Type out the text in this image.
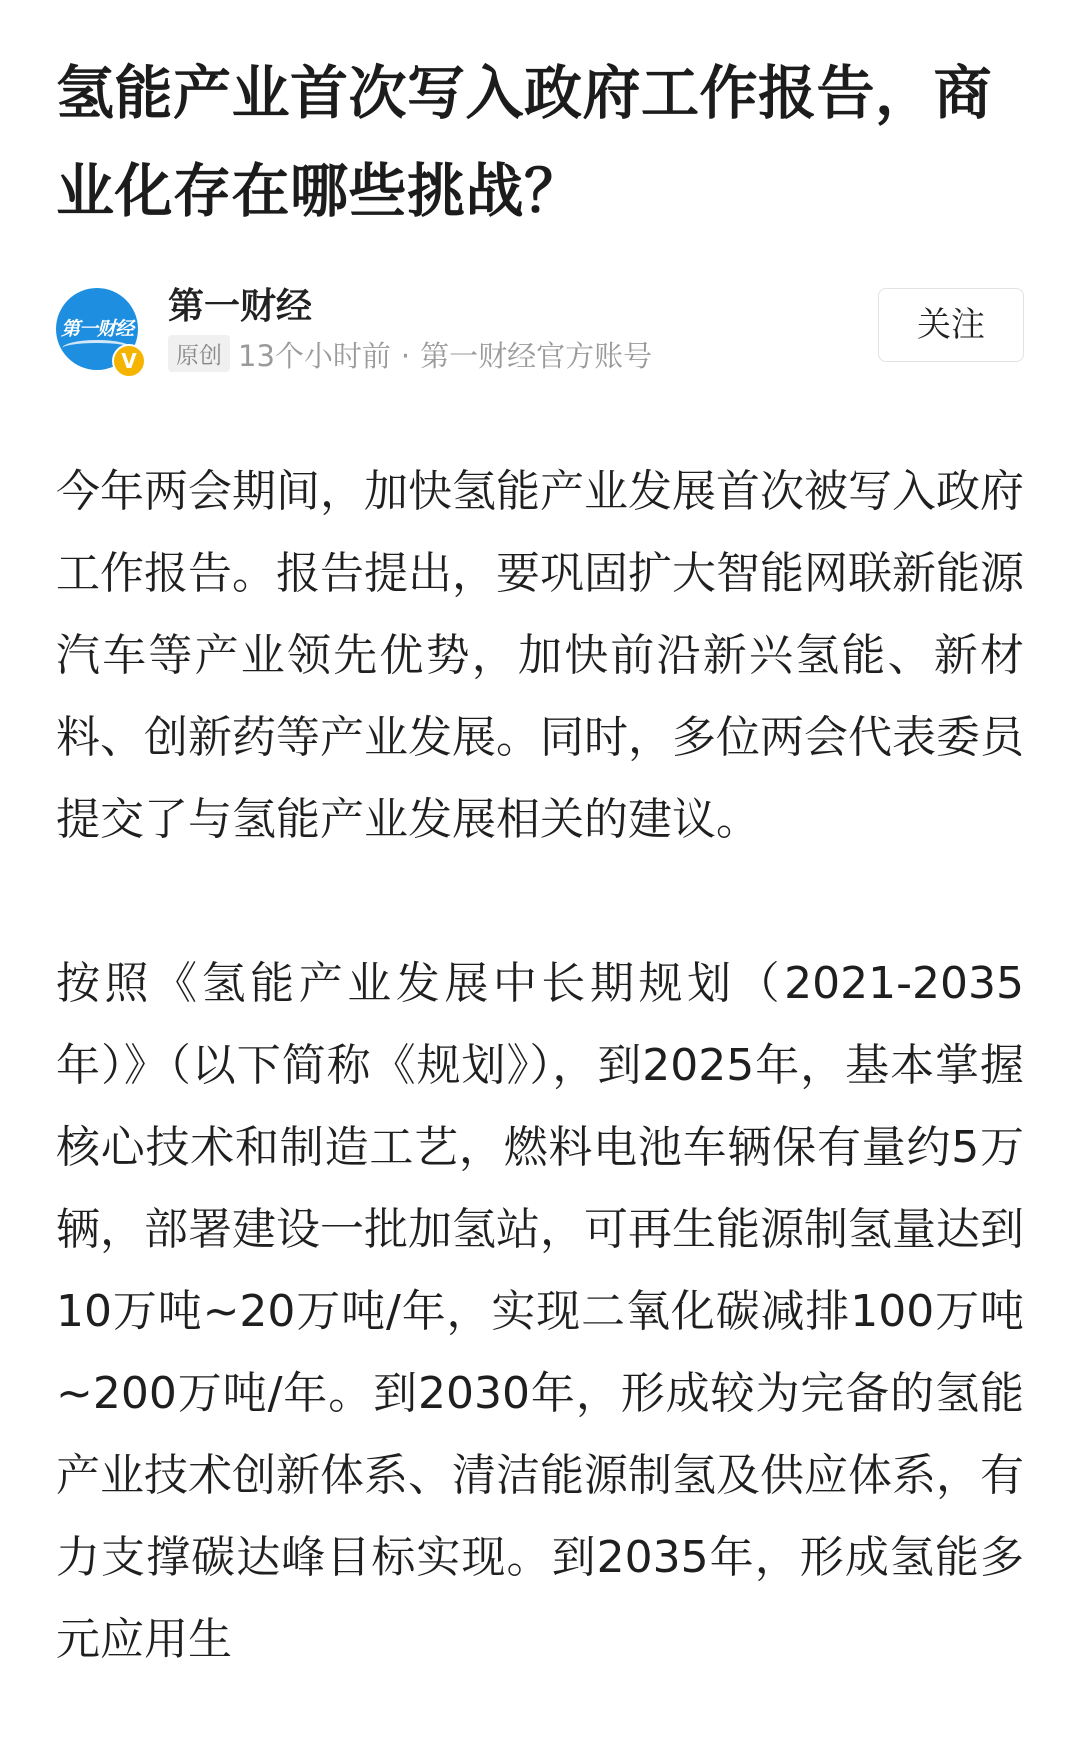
氢能产业首次写入政府工作报告，商业化存在哪些挑战？
第一财经
V
第一财经
原创 13个小时前 · 第一财经官方账号
关注

今年两会期间，加快氢能产业发展首次被写入政府工作报告。报告提出，要巩固扩大智能网联新能源汽车等产业领先优势，加快前沿新兴氢能、新材料、创新药等产业发展。同时，多位两会代表委员提交了与氢能产业发展相关的建议。

按照《氢能产业发展中长期规划（2021-2035年）》（以下简称《规划》），到2025年，基本掌握核心技术和制造工艺，燃料电池车辆保有量约5万辆，部署建设一批加氢站，可再生能源制氢量达到10万吨~20万吨/年，实现二氧化碳减排100万吨~200万吨/年。到2030年，形成较为完备的氢能产业技术创新体系、清洁能源制氢及供应体系，有力支撑碳达峰目标实现。到2035年，形成氢能多元应用生
